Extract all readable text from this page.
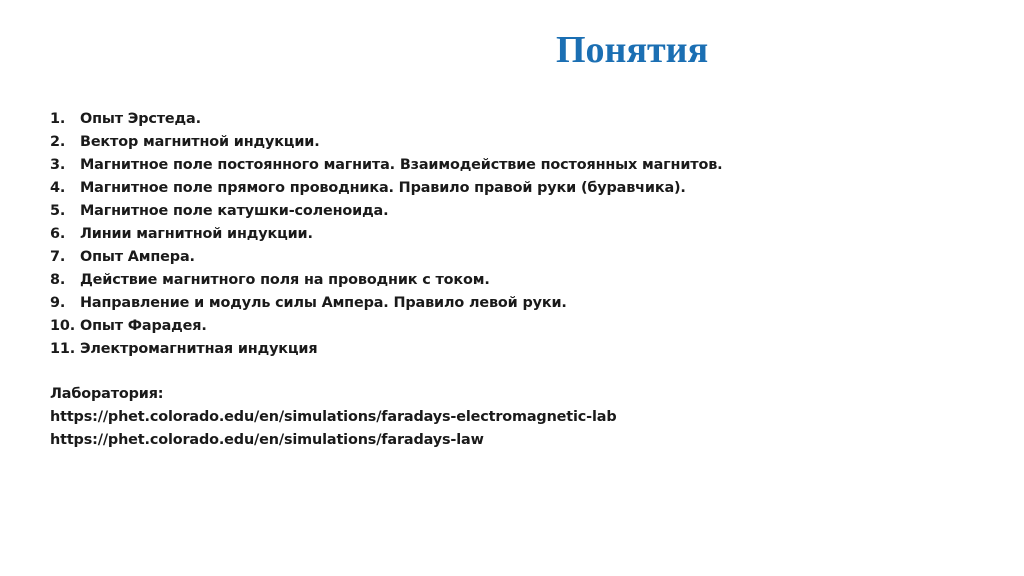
Понятия
1.	Опыт Эрстеда.
2.	Вектор магнитной индукции.
3.	Магнитное поле постоянного магнита. Взаимодействие постоянных магнитов.
4.	Магнитное поле прямого проводника. Правило правой руки (буравчика).
5.	Магнитное поле катушки-соленоида.
6.	Линии магнитной индукции.
7.	Опыт Ампера.
8.	Действие магнитного поля на проводник с током.
9.	Направление и модуль силы Ампера. Правило левой руки.
10. Опыт Фарадея.
11. Электромагнитная индукция
Лаборатория:
https://phet.colorado.edu/en/simulations/faradays-electromagnetic-lab
https://phet.colorado.edu/en/simulations/faradays-law
